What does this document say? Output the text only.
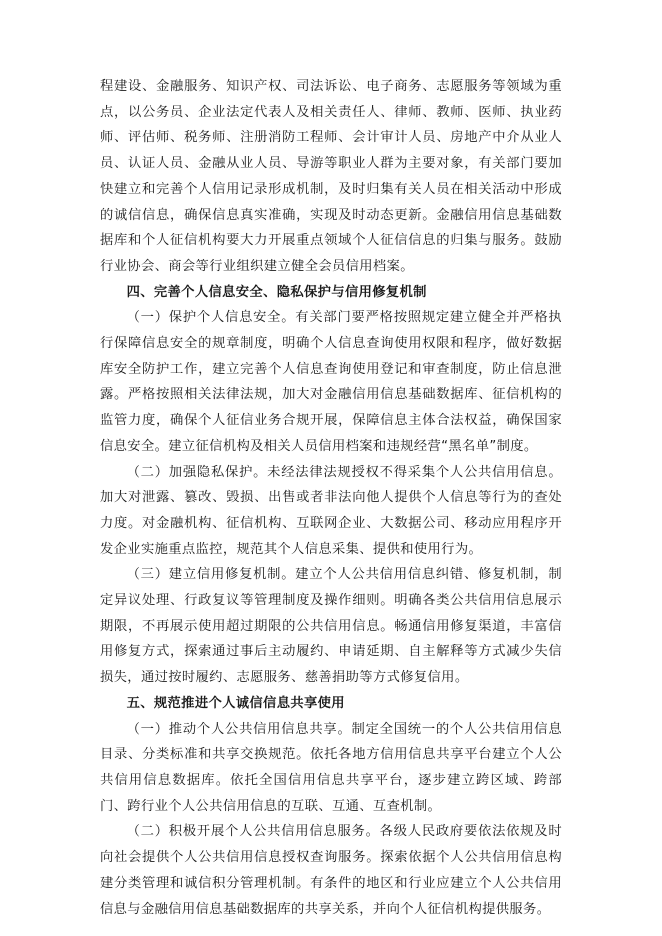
程建设、金融服务、知识产权、司法诉讼、电子商务、志愿服务等领域为重点，以公务员、企业法定代表人及相关责任人、律师、教师、医师、执业药师、评估师、税务师、注册消防工程师、会计审计人员、房地产中介从业人员、认证人员、金融从业人员、导游等职业人群为主要对象，有关部门要加快建立和完善个人信用记录形成机制，及时归集有关人员在相关活动中形成的诚信信息，确保信息真实准确，实现及时动态更新。金融信用信息基础数据库和个人征信机构要大力开展重点领域个人征信信息的归集与服务。鼓励行业协会、商会等行业组织建立健全会员信用档案。

四、完善个人信息安全、隐私保护与信用修复机制

（一）保护个人信息安全。有关部门要严格按照规定建立健全并严格执行保障信息安全的规章制度，明确个人信息查询使用权限和程序，做好数据库安全防护工作，建立完善个人信息查询使用登记和审查制度，防止信息泄露。严格按照相关法律法规，加大对金融信用信息基础数据库、征信机构的监管力度，确保个人征信业务合规开展，保障信息主体合法权益，确保国家信息安全。建立征信机构及相关人员信用档案和违规经营“黑名单”制度。

（二）加强隐私保护。未经法律法规授权不得采集个人公共信用信息。加大对泄露、篡改、毁损、出售或者非法向他人提供个人信息等行为的查处力度。对金融机构、征信机构、互联网企业、大数据公司、移动应用程序开发企业实施重点监控，规范其个人信息采集、提供和使用行为。

（三）建立信用修复机制。建立个人公共信用信息纠错、修复机制，制定异议处理、行政复议等管理制度及操作细则。明确各类公共信用信息展示期限，不再展示使用超过期限的公共信用信息。畅通信用修复渠道，丰富信用修复方式，探索通过事后主动履约、申请延期、自主解释等方式减少失信损失，通过按时履约、志愿服务、慈善捐助等方式修复信用。

五、规范推进个人诚信信息共享使用

（一）推动个人公共信用信息共享。制定全国统一的个人公共信用信息目录、分类标准和共享交换规范。依托各地方信用信息共享平台建立个人公共信用信息数据库。依托全国信用信息共享平台，逐步建立跨区域、跨部门、跨行业个人公共信用信息的互联、互通、互查机制。

（二）积极开展个人公共信用信息服务。各级人民政府要依法依规及时向社会提供个人公共信用信息授权查询服务。探索依据个人公共信用信息构建分类管理和诚信积分管理机制。有条件的地区和行业应建立个人公共信用信息与金融信用信息基础数据库的共享关系，并向个人征信机构提供服务。
